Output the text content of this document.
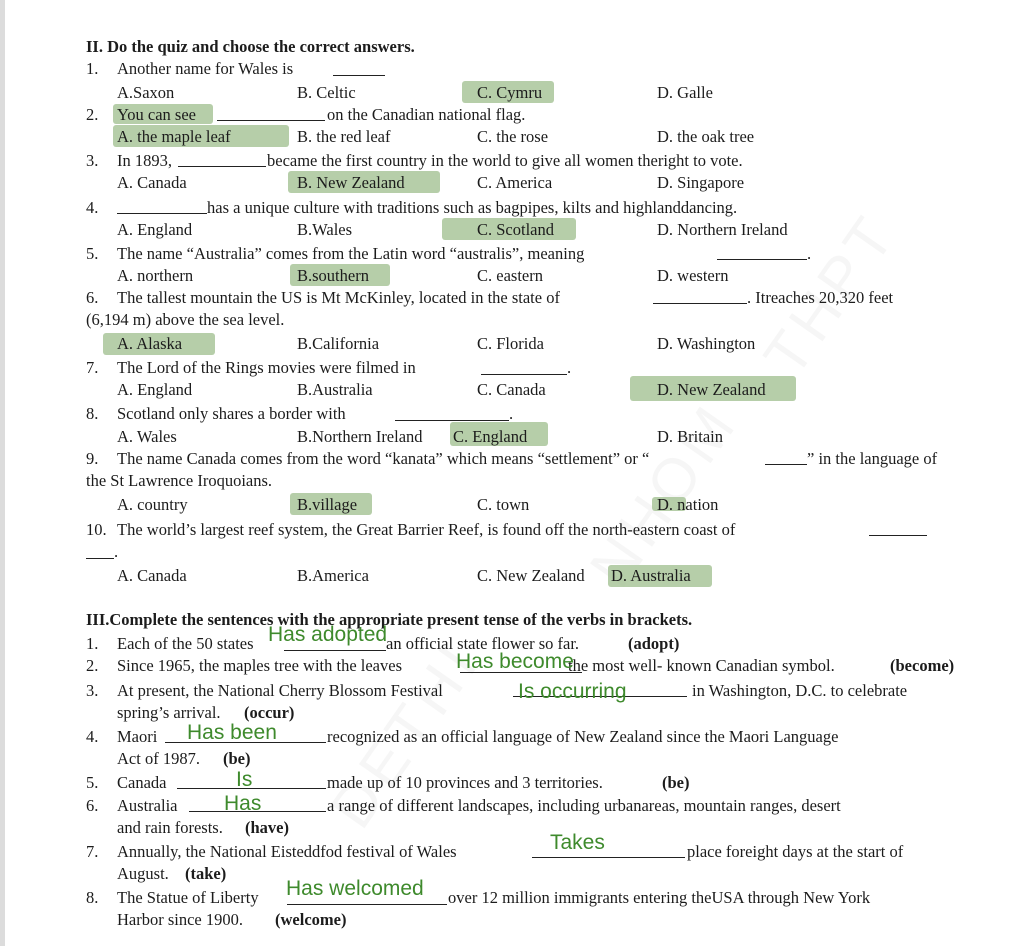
II. Do the quiz and choose the correct answers.
1. Another name for Wales is
A.Saxon	B. Celtic	C. Cymru	D. Galle
2. You can see	on the Canadian national flag.
A. the maple leaf	B. the red leaf	C. the rose	D. the oak tree
3. In 1893,	became the first country in the world to give all women theright to vote.
A. Canada	B. New Zealand	C. America	D. Singapore
4.	has a unique culture with traditions such as bagpipes, kilts and highlanddancing.
A. England	B.Wales	C. Scotland	D. Northern Ireland
5. The name “Australia” comes from the Latin word “australis”, meaning	.
A. northern	B.southern	C. eastern	D. western
6. The tallest mountain the US is Mt McKinley, located in the state of	. Itreaches 20,320 feet
(6,194 m) above the sea level.
A. Alaska	B.California	C. Florida	D. Washington
7. The Lord of the Rings movies were filmed in	.
A. England	B.Australia	C. Canada	D. New Zealand
8. Scotland only shares a border with	.
A. Wales	B.Northern Ireland C. England	D. Britain
9. The name Canada comes from the word “kanata” which means “settlement” or “	” in the language of
the St Lawrence Iroquoians.
A. country	B.village	C. town	D. nation
10. The world’s largest reef system, the Great Barrier Reef, is found off the north-eastern coast of
.
A. Canada	B.America	C. New Zealand D. Australia
III.Complete the sentences with the appropriate present tense of the verbs in brackets.
1. Each of the 50 states	an official state flower so far.	(adopt)
2. Since 1965, the maples tree with the leaves	the most well- known Canadian symbol.	(become)
3. At present, the National Cherry Blossom Festival	in Washington, D.C. to celebrate
spring’s arrival. (occur)
4. Maori	recognized as an official language of New Zealand since the Maori Language
Act of 1987. (be)
5. Canada	made up of 10 provinces and 3 territories.	(be)
6. Australia	a range of different landscapes, including urbanareas, mountain ranges, desert
and rain forests. (have)
7. Annually, the National Eisteddfod festival of Wales	place foreight days at the start of
August. (take)
8. The Statue of Liberty	over 12 million immigrants entering theUSA through New York
Harbor since 1900. (welcome)
Has adopted
Has become
Is occurring
Has been
Is
Has
Takes
Has welcomed
